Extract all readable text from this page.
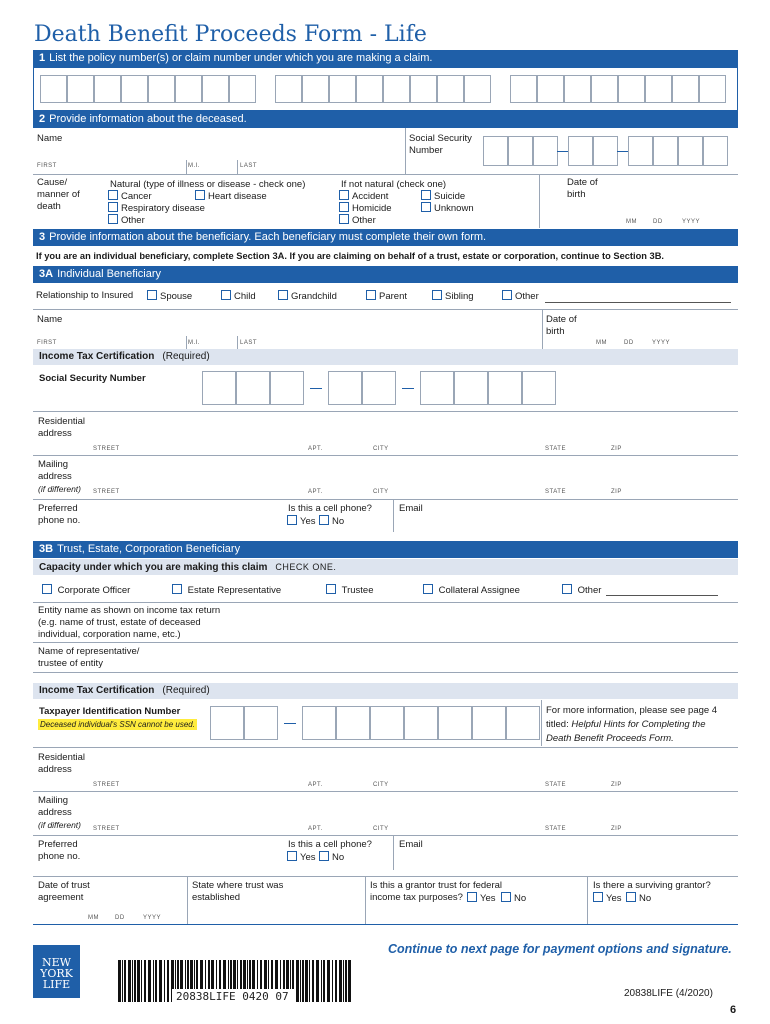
Death Benefit Proceeds Form - Life
1 List the policy number(s) or claim number under which you are making a claim.
2 Provide information about the deceased.
Name	Social Security Number
FIRST	M.I.	LAST
Cause/ manner of death
Natural (type of illness or disease - check one)
Cancer	Heart disease
Respiratory disease
Other
If not natural (check one)
Accident	Suicide
Homicide	Unknown
Other
Date of birth
MM	DD	YYYY
3 Provide information about the beneficiary. Each beneficiary must complete their own form.
If you are an individual beneficiary, complete Section 3A. If you are claiming on behalf of a trust, estate or corporation, continue to Section 3B.
3A Individual Beneficiary
Relationship to Insured	Spouse	Child	Grandchild	Parent	Sibling	Other
Name	Date of birth
FIRST	M.I.	LAST	MM	DD	YYYY
Income Tax Certification (Required)
Social Security Number
Residential address
STREET	APT.	CITY	STATE	ZIP
Mailing address
(if different) STREET	APT.	CITY	STATE	ZIP
Preferred phone no.
Is this a cell phone?
Yes	No
Email
3B Trust, Estate, Corporation Beneficiary
Capacity under which you are making this claim CHECK ONE.
Corporate Officer	Estate Representative	Trustee	Collateral Assignee	Other
Entity name as shown on income tax return (e.g. name of trust, estate of deceased individual, corporation name, etc.)
Name of representative/ trustee of entity
Income Tax Certification (Required)
Taxpayer Identification Number
Deceased individual's SSN cannot be used.
For more information, please see page 4
titled: Helpful Hints for Completing the
Death Benefit Proceeds Form.
Residential address
STREET	APT.	CITY	STATE	ZIP
Mailing address
(if different) STREET	APT.	CITY	STATE	ZIP
Preferred phone no.
Is this a cell phone?
Yes	No
Email
Date of trust agreement
MM	DD	YYYY
State where trust was established
Is this a grantor trust for federal income tax purposes?	Yes	No
Is there a surviving grantor?
Yes	No
Continue to next page for payment options and signature.
NEW
YORK
LIFE
20838LIFE 0420 07	20838LIFE (4/2020)
6
